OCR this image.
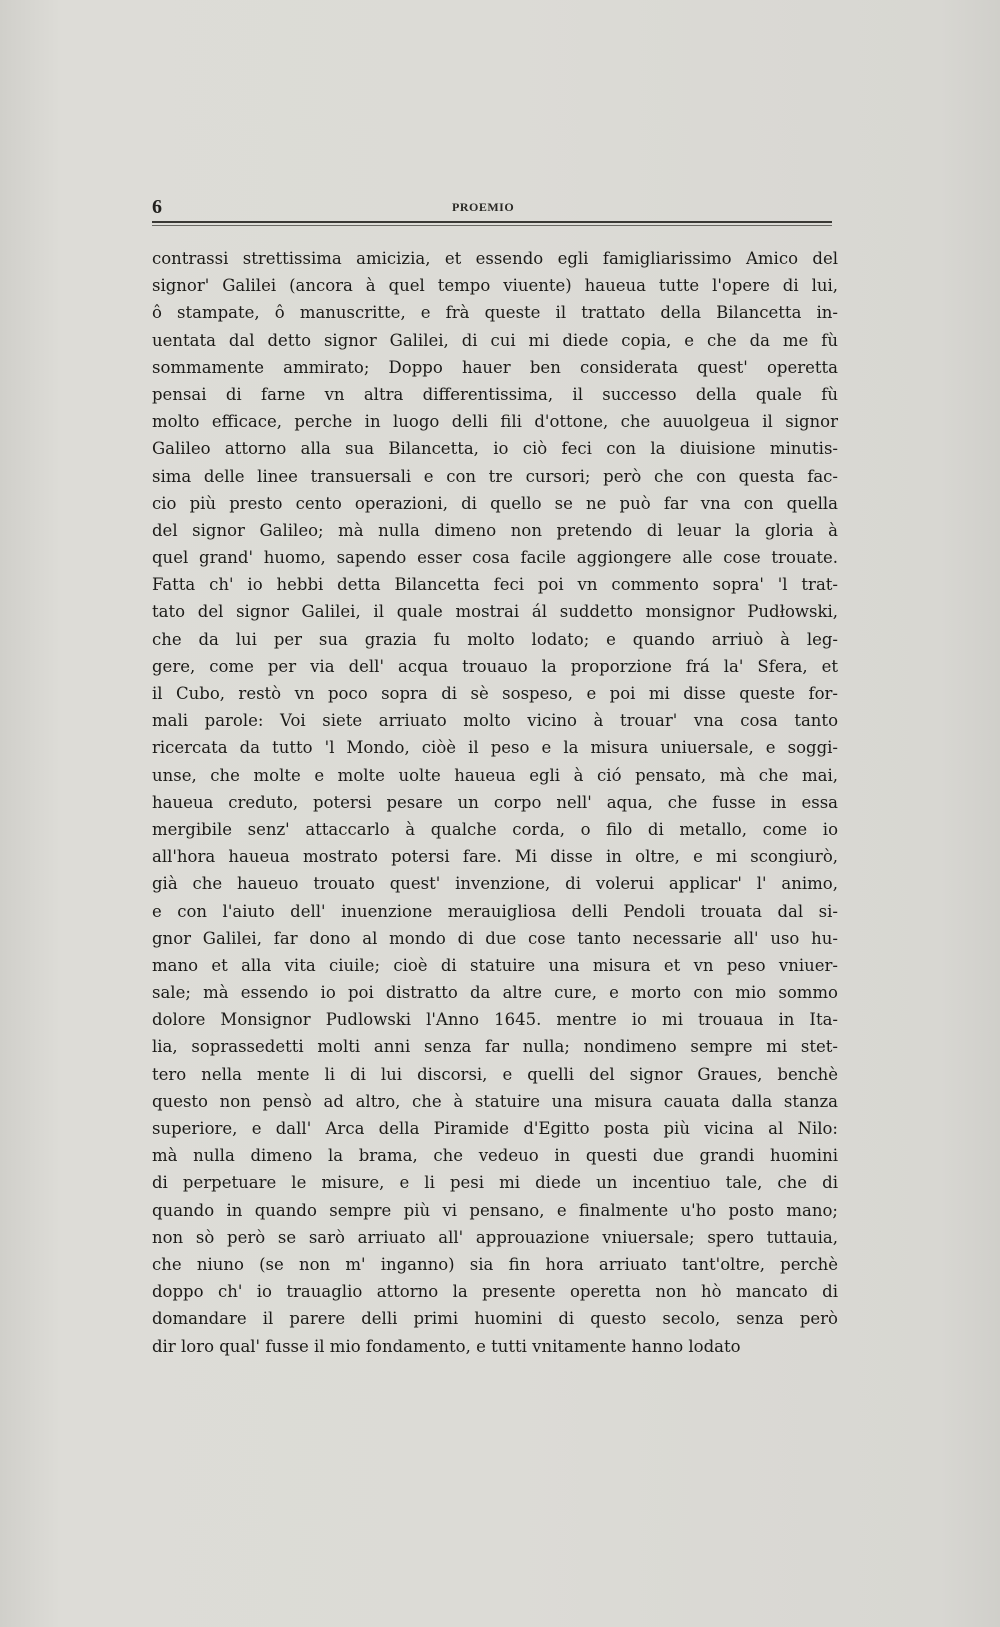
6	PROEMIO
contrassi strettissima amicizia, et essendo egli famigliarissimo Amico del
signor' Galilei (ancora à quel tempo viuente) haueua tutte l'opere di lui,
ô stampate, ô manuscritte, e frà queste il trattato della Bilancetta in-
uentata dal detto signor Galilei, di cui mi diede copia, e che da me fù
sommamente ammirato; Doppo hauer ben considerata quest' operetta
pensai di farne vn altra differentissima, il successo della quale fù
molto efficace, perche in luogo delli fili d'ottone, che auuolgeua il signor
Galileo attorno alla sua Bilancetta, io ciò feci con la diuisione minutis-
sima delle linee transuersali e con tre cursori; però che con questa fac-
cio più presto cento operazioni, di quello se ne può far vna con quella
del signor Galileo; mà nulla dimeno non pretendo di leuar la gloria à
quel grand' huomo, sapendo esser cosa facile aggiongere alle cose trouate.
Fatta ch' io hebbi detta Bilancetta feci poi vn commento sopra' 'l trat-
tato del signor Galilei, il quale mostrai ál suddetto monsignor Pudłowski,
che da lui per sua grazia fu molto lodato; e quando arriuò à leg-
gere, come per via dell' acqua trouauo la proporzione frá la' Sfera, et
il Cubo, restò vn poco sopra di sè sospeso, e poi mi disse queste for-
mali parole: Voi siete arriuato molto vicino à trouar' vna cosa tanto
ricercata da tutto 'l Mondo, ciòè il peso e la misura uniuersale, e soggi-
unse, che molte e molte uolte haueua egli à ció pensato, mà che mai,
haueua creduto, potersi pesare un corpo nell' aqua, che fusse in essa
mergibile senz' attaccarlo à qualche corda, o filo di metallo, come io
all'hora haueua mostrato potersi fare. Mi disse in oltre, e mi scongiurò,
già che haueuo trouato quest' invenzione, di volerui applicar' l' animo,
e con l'aiuto dell' inuenzione merauigliosa delli Pendoli trouata dal si-
gnor Galilei, far dono al mondo di due cose tanto necessarie all' uso hu-
mano et alla vita ciuile; cioè di statuire una misura et vn peso vniuer-
sale; mà essendo io poi distratto da altre cure, e morto con mio sommo
dolore Monsignor Pudlowski l'Anno 1645. mentre io mi trouaua in Ita-
lia, soprassedetti molti anni senza far nulla; nondimeno sempre mi stet-
tero nella mente li di lui discorsi, e quelli del signor Graues, benchè
questo non pensò ad altro, che à statuire una misura cauata dalla stanza
superiore, e dall' Arca della Piramide d'Egitto posta più vicina al Nilo:
mà nulla dimeno la brama, che vedeuo in questi due grandi huomini
di perpetuare le misure, e li pesi mi diede un incentiuo tale, che di
quando in quando sempre più vi pensano, e finalmente u'ho posto mano;
non sò però se sarò arriuato all' approuazione vniuersale; spero tuttauia,
che niuno (se non m' inganno) sia fin hora arriuato tant'oltre, perchè
doppo ch' io trauaglio attorno la presente operetta non hò mancato di
domandare il parere delli primi huomini di questo secolo, senza però
dir loro qual' fusse il mio fondamento, e tutti vnitamente hanno lodato
